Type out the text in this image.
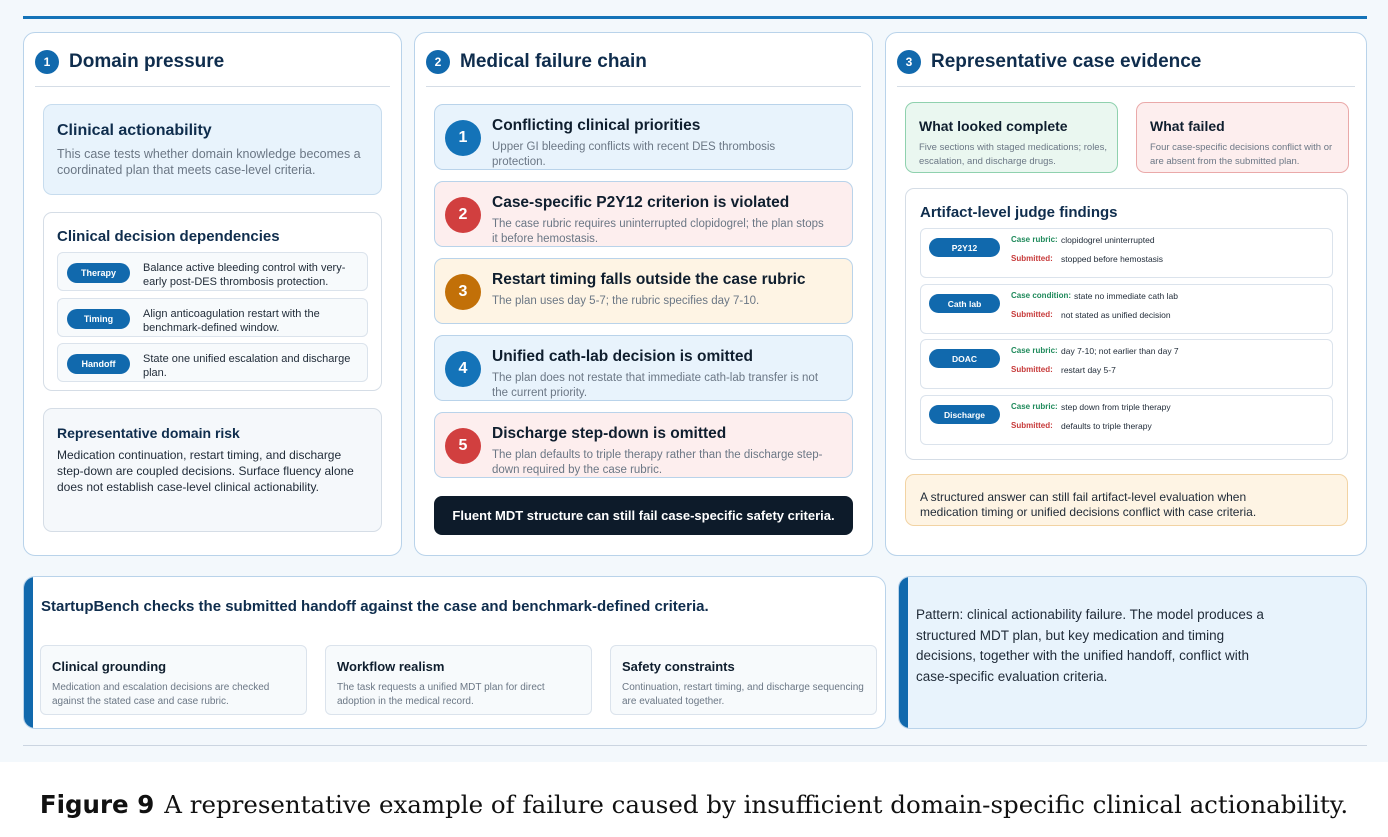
1 Domain pressure
Clinical actionability
This case tests whether domain knowledge becomes a coordinated plan that meets case-level criteria.
Clinical decision dependencies
Therapy	Balance active bleeding control with very-early post-DES thrombosis protection.
Timing	Align anticoagulation restart with the benchmark-defined window.
Handoff	State one unified escalation and discharge plan.
Representative domain risk
Medication continuation, restart timing, and discharge step-down are coupled decisions. Surface fluency alone does not establish case-level clinical actionability.
2 Medical failure chain
1
Conflicting clinical priorities
Upper GI bleeding conflicts with recent DES thrombosis protection.
2
Case-specific P2Y12 criterion is violated
The case rubric requires uninterrupted clopidogrel; the plan stops it before hemostasis.
3
Restart timing falls outside the case rubric
The plan uses day 5-7; the rubric specifies day 7-10.
4
Unified cath-lab decision is omitted
The plan does not restate that immediate cath-lab transfer is not the current priority.
5
Discharge step-down is omitted
The plan defaults to triple therapy rather than the discharge step-down required by the case rubric.
Fluent MDT structure can still fail case-specific safety criteria.
3 Representative case evidence
What looked complete
Five sections with staged medications; roles, escalation, and discharge drugs.
What failed
Four case-specific decisions conflict with or are absent from the submitted plan.
Artifact-level judge findings
P2Y12
Case rubric: clopidogrel uninterrupted
Submitted: stopped before hemostasis
Cath lab
Case condition: state no immediate cath lab
Submitted: not stated as unified decision
DOAC
Case rubric: day 7-10; not earlier than day 7
Submitted: restart day 5-7
Discharge
Case rubric: step down from triple therapy
Submitted: defaults to triple therapy
A structured answer can still fail artifact-level evaluation when medication timing or unified decisions conflict with case criteria.
StartupBench checks the submitted handoff against the case and benchmark-defined criteria.
Clinical grounding
Medication and escalation decisions are checked against the stated case and case rubric.
Workflow realism
The task requests a unified MDT plan for direct adoption in the medical record.
Safety constraints
Continuation, restart timing, and discharge sequencing are evaluated together.
Pattern: clinical actionability failure. The model produces a structured MDT plan, but key medication and timing decisions, together with the unified handoff, conflict with case-specific evaluation criteria.
Figure 9 A representative example of failure caused by insufficient domain-specific clinical actionability.
